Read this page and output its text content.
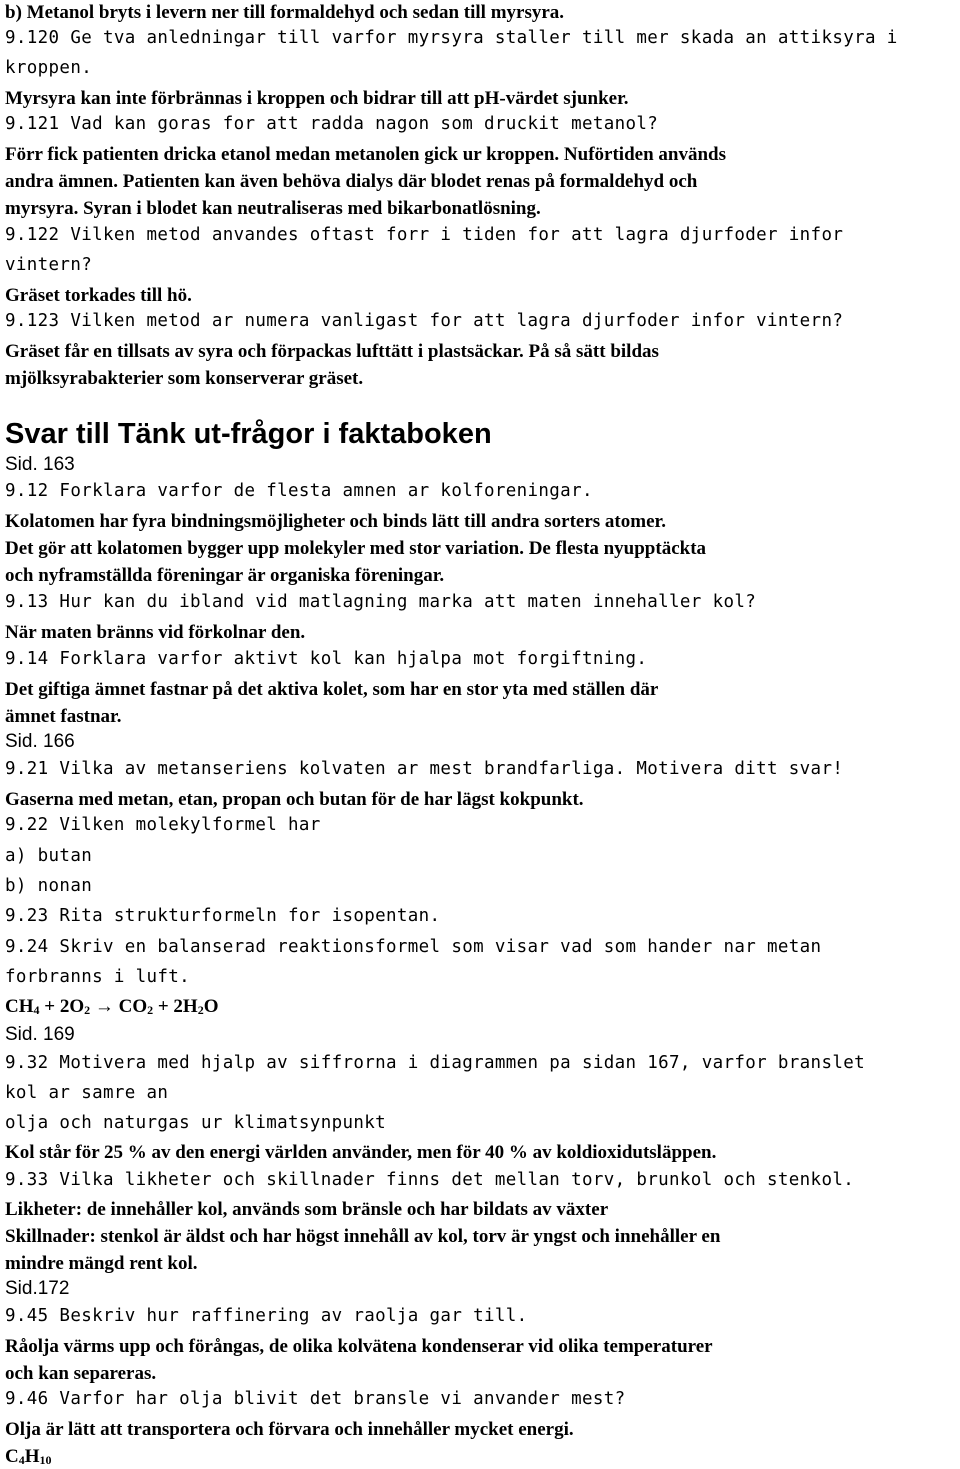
b) Metanol bryts i levern ner till formaldehyd och sedan till myrsyra.
9.120 Ge tva anledningar till varfor myrsyra staller till mer skada an attiksyra i
kroppen.
Myrsyra kan inte förbrännas i kroppen och bidrar till att pH-värdet sjunker.
9.121 Vad kan goras for att radda nagon som druckit metanol?
Förr fick patienten dricka etanol medan metanolen gick ur kroppen. Nuförtiden används
andra ämnen. Patienten kan även behöva dialys där blodet renas på formaldehyd och
myrsyra. Syran i blodet kan neutraliseras med bikarbonatlösning.
9.122 Vilken metod anvandes oftast forr i tiden for att lagra djurfoder infor
vintern?
Gräset torkades till hö.
9.123 Vilken metod ar numera vanligast for att lagra djurfoder infor vintern?
Gräset får en tillsats av syra och förpackas lufttätt i plastsäckar. På så sätt bildas
mjölksyrabakterier som konserverar gräset.
Svar till Tänk ut-frågor i faktaboken
Sid. 163
9.12 Forklara varfor de flesta amnen ar kolforeningar.
Kolatomen har fyra bindningsmöjligheter och binds lätt till andra sorters atomer.
Det gör att kolatomen bygger upp molekyler med stor variation. De flesta nyupptäckta
och nyframställda föreningar är organiska föreningar.
9.13 Hur kan du ibland vid matlagning marka att maten innehaller kol?
När maten bränns vid förkolnar den.
9.14 Forklara varfor aktivt kol kan hjalpa mot forgiftning.
Det giftiga ämnet fastnar på det aktiva kolet, som har en stor yta med ställen där
ämnet fastnar.
Sid. 166
9.21 Vilka av metanseriens kolvaten ar mest brandfarliga. Motivera ditt svar!
Gaserna med metan, etan, propan och butan för de har lägst kokpunkt.
9.22 Vilken molekylformel har
a) butan
b) nonan
9.23 Rita strukturformeln for isopentan.
9.24 Skriv en balanserad reaktionsformel som visar vad som hander nar metan
forbranns i luft.
CH4 + 2O2 → CO2 + 2H2O
Sid. 169
9.32 Motivera med hjalp av siffrorna i diagrammen pa sidan 167, varfor branslet
kol ar samre an
olja och naturgas ur klimatsynpunkt
Kol står för 25 % av den energi världen använder, men för 40 % av koldioxidutsläppen.
9.33 Vilka likheter och skillnader finns det mellan torv, brunkol och stenkol.
Likheter: de innehåller kol, används som bränsle och har bildats av växter
Skillnader: stenkol är äldst och har högst innehåll av kol, torv är yngst och innehåller en
mindre mängd rent kol.
Sid.172
9.45 Beskriv hur raffinering av raolja gar till.
Råolja värms upp och förångas, de olika kolvätena kondenserar vid olika temperaturer
och kan separeras.
9.46 Varfor har olja blivit det bransle vi anvander mest?
Olja är lätt att transportera och förvara och innehåller mycket energi.
C4H10
